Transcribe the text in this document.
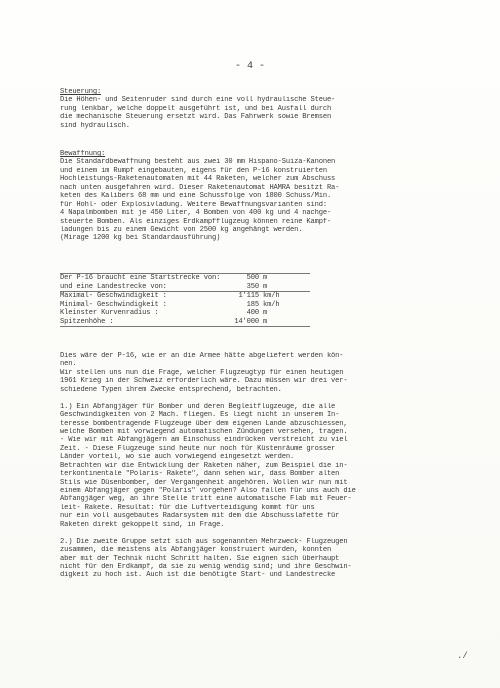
- 4 -
Steuerung:
Die Höhen- und Seitenruder sind durch eine voll hydraulische Steue-
rung lenkbar, welche doppelt ausgeführt ist, und bei Ausfall durch
die mechanische Steuerung ersetzt wird. Das Fahrwerk sowie Bremsen
sind hydraulisch.
Bewaffnung:
Die Standardbewaffnung besteht aus zwei 30 mm Hispano-Suiza-Kanonen
und einem im Rumpf eingebauten, eigens für den P-16 konstruierten
Hochleistungs-Raketenautomaten mit 44 Raketen, welcher zum Abschuss
nach unten ausgefahren wird. Dieser Raketenautomat HAMRA besitzt Ra-
keten des Kalibers 68 mm und eine Schussfolge von 1800 Schuss/Min.
für Hohl- oder Explosivladung. Weitere Bewaffnungsvarianten sind:
4 Napalmbomben mit je 450 Liter, 4 Bomben von 400 kg und 4 nachge-
steuerte Bomben. Als einziges Erdkampfflugzeug können reine Kampf-
ladungen bis zu einem Gewicht von 2500 kg angehängt werden.
(Mirage 1200 kg bei Standardausführung)
Der P-16 braucht eine Startstrecke von:	500 m
und eine Landestrecke von:	350 m
Maximal- Geschwindigkeit :	1'115 km/h
Minimal- Geschwindigkeit :	185 km/h
Kleinster Kurvenradius :	400 m
Spitzenhöhe :	14'000 m
Dies wäre der P-16, wie er an die Armee hätte abgeliefert werden kön-
nen.
Wir stellen uns nun die Frage, welcher Flugzeugtyp für einen heutigen
1961 Krieg in der Schweiz erforderlich wäre. Dazu müssen wir drei ver-
schiedene Typen ihrem Zwecke entsprechend, betrachten.
1.) Ein Abfangjäger für Bomber und deren Begleitflugzeuge, die alle
Geschwindigkeiten von 2 Mach. fliegen. Es liegt nicht in unserem In-
teresse bombentragende Flugzeuge über dem eigenen Lande abzuschiessen,
welche Bomben mit vorwiegend automatischen Zündungen versehen, tragen.
- Wie wir mit Abfangjägern am Einschuss eindrücken verstreicht zu viel
Zeit. - Diese Flugzeuge sind heute nur noch für Küstenräume grosser
Länder vorteil, wo sie auch vorwiegend eingesetzt werden.
Betrachten wir die Entwicklung der Raketen näher, zum Beispiel die in-
terkontinentale "Polaris- Rakete", dann sehen wir, dass Bomber alten
Stils wie Düsenbomber, der Vergangenheit angehören. Wollen wir nun mit
einem Abfangjäger gegen "Polaris" vorgehen? Also fallen für uns auch die
Abfangjäger weg, an ihre Stelle tritt eine automatische Flab mit Feuer-
leit- Rakete. Resultat: für die Luftverteidigung kommt für uns
nur ein voll ausgebautes Radarsystem mit dem die Abschusslafette für
Raketen direkt gekoppelt sind, in Frage.
2.) Die zweite Gruppe setzt sich aus sogenannten Mehrzweck- Flugzeugen
zusammen, die meistens als Abfangjäger konstruiert wurden, konnten
aber mit der Technik nicht Schritt halten. Sie eignen sich überhaupt
nicht für den Erdkampf, da sie zu wenig wendig sind; und ihre Geschwin-
digkeit zu hoch ist. Auch ist die benötigte Start- und Landestrecke
./
